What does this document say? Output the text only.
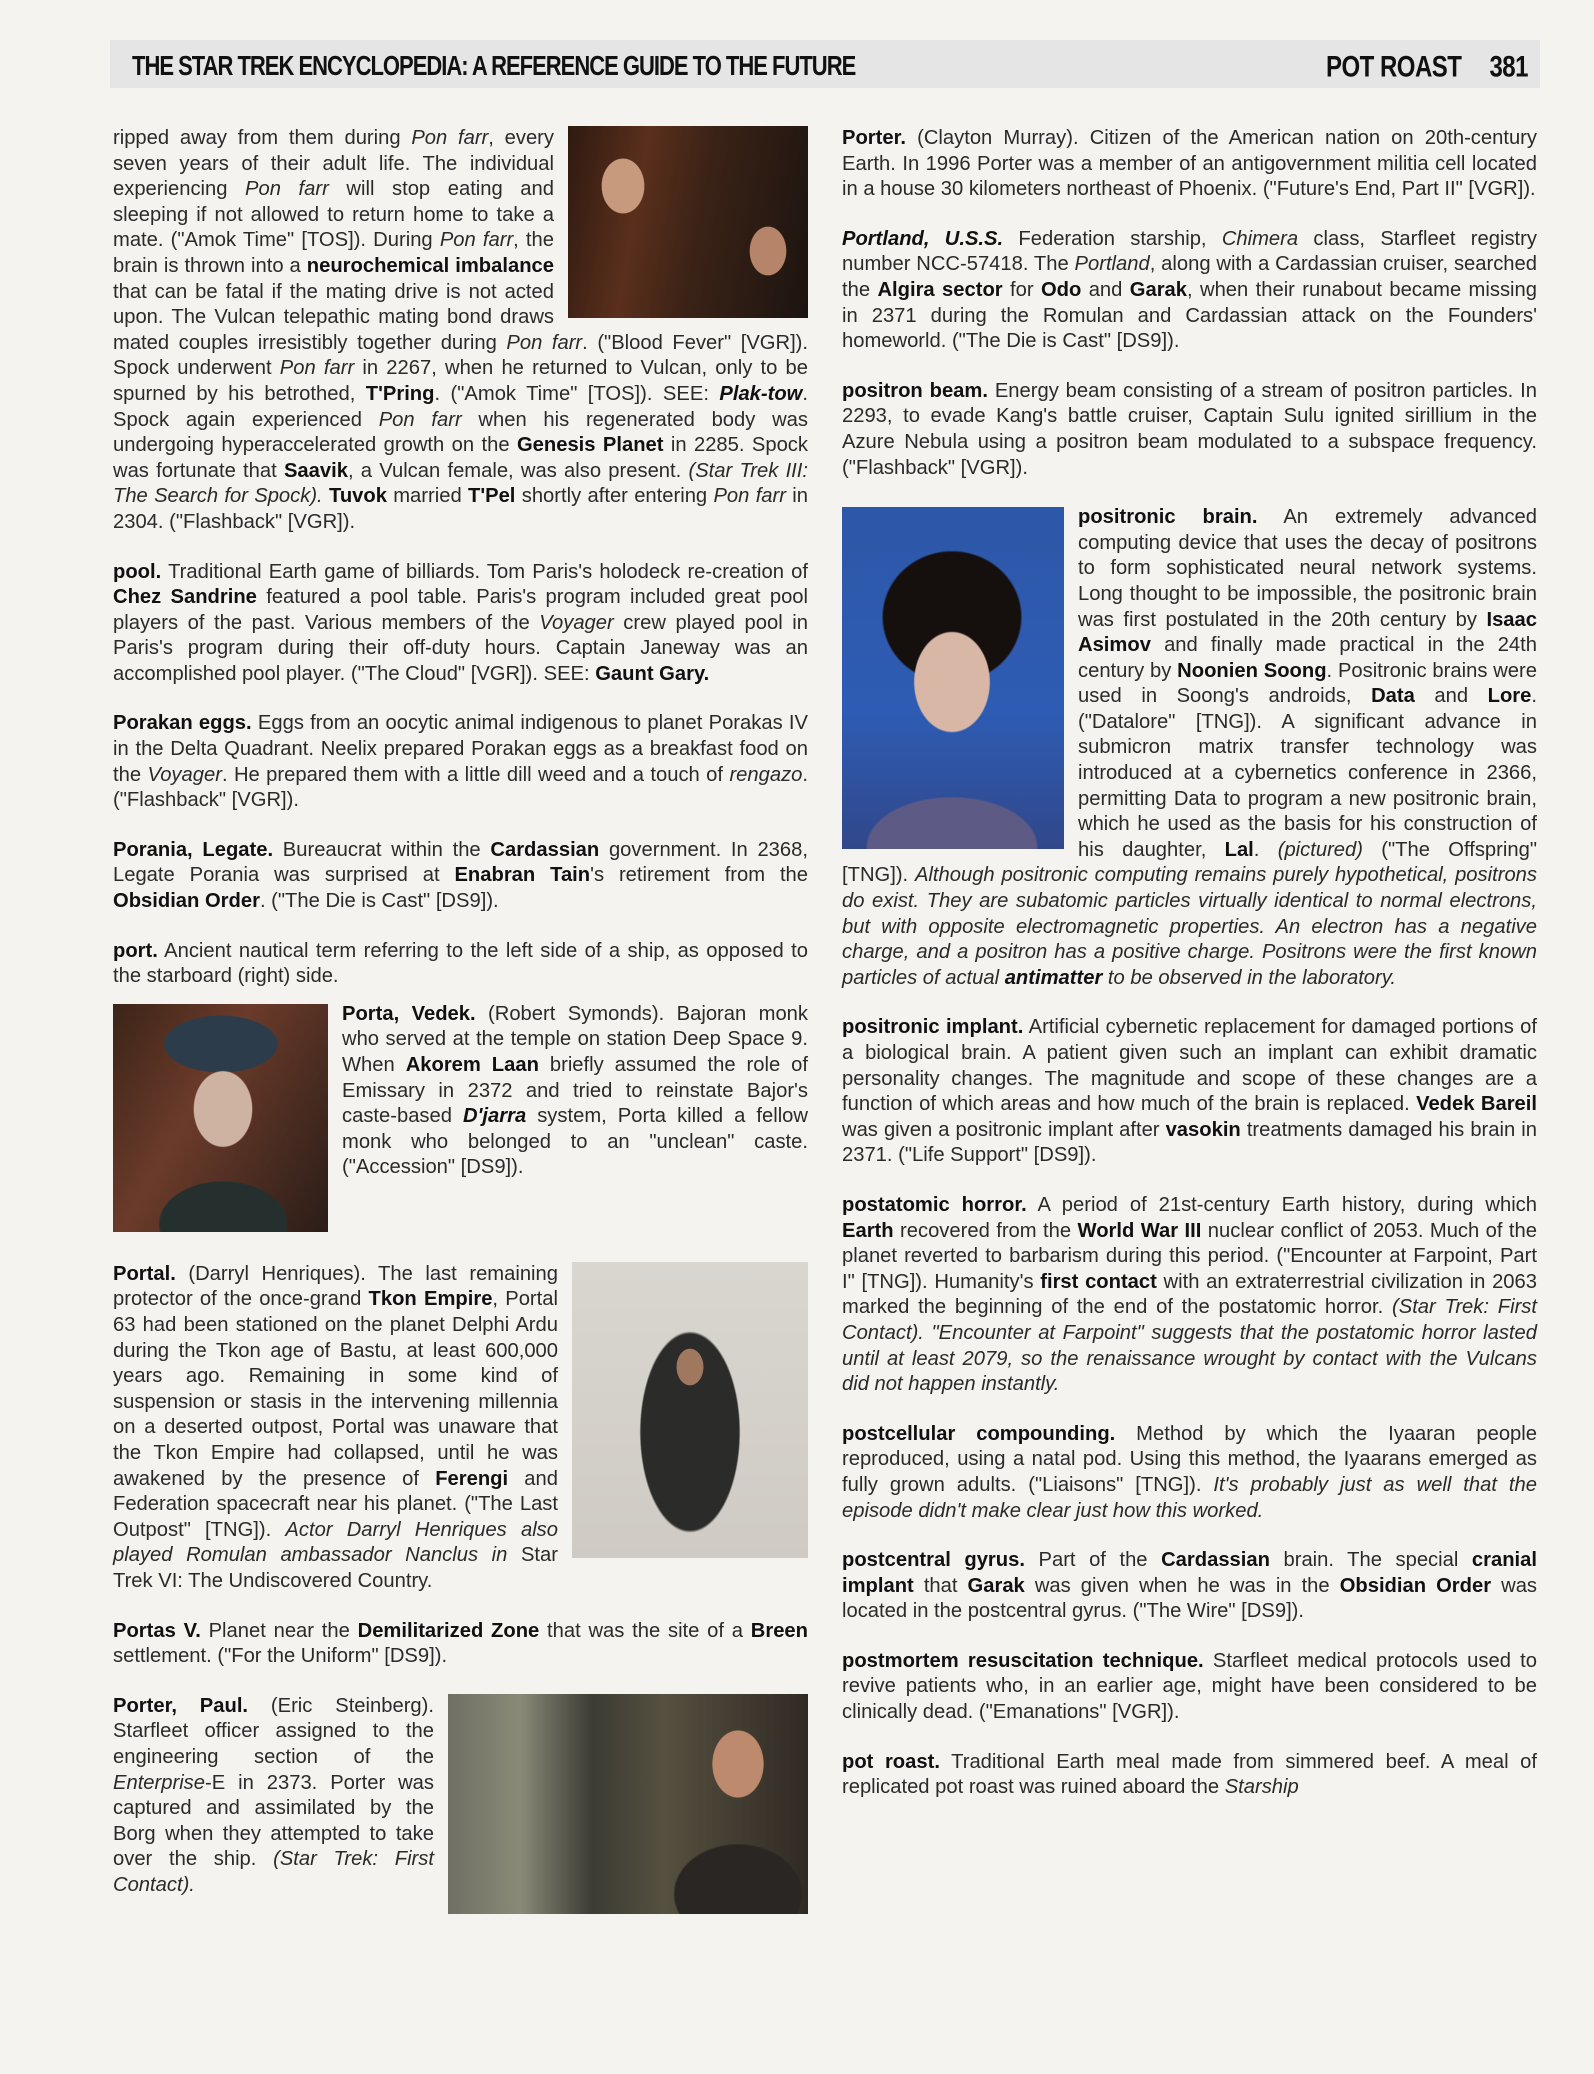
THE STAR TREK ENCYCLOPEDIA: A REFERENCE GUIDE TO THE FUTURE	POT ROAST 381
ripped away from them during Pon farr, every seven years of their adult life. The individual experiencing Pon farr will stop eating and sleeping if not allowed to return home to take a mate. ("Amok Time" [TOS]). During Pon farr, the brain is thrown into a neurochemical imbalance that can be fatal if the mating drive is not acted upon. The Vulcan telepathic mating bond draws mated couples irresistibly together during Pon farr. ("Blood Fever" [VGR]). Spock underwent Pon farr in 2267, when he returned to Vulcan, only to be spurned by his betrothed, T'Pring. ("Amok Time" [TOS]). SEE: Plak-tow. Spock again experienced Pon farr when his regenerated body was undergoing hyperaccelerated growth on the Genesis Planet in 2285. Spock was fortunate that Saavik, a Vulcan female, was also present. (Star Trek III: The Search for Spock). Tuvok married T'Pel shortly after entering Pon farr in 2304. ("Flashback" [VGR]).
pool. Traditional Earth game of billiards. Tom Paris's holodeck re-creation of Chez Sandrine featured a pool table. Paris's program included great pool players of the past. Various members of the Voyager crew played pool in Paris's program during their off-duty hours. Captain Janeway was an accomplished pool player. ("The Cloud" [VGR]). SEE: Gaunt Gary.
Porakan eggs. Eggs from an oocytic animal indigenous to planet Porakas IV in the Delta Quadrant. Neelix prepared Porakan eggs as a breakfast food on the Voyager. He prepared them with a little dill weed and a touch of rengazo. ("Flashback" [VGR]).
Porania, Legate. Bureaucrat within the Cardassian government. In 2368, Legate Porania was surprised at Enabran Tain's retirement from the Obsidian Order. ("The Die is Cast" [DS9]).
port. Ancient nautical term referring to the left side of a ship, as opposed to the starboard (right) side.
Porta, Vedek. (Robert Symonds). Bajoran monk who served at the temple on station Deep Space 9. When Akorem Laan briefly assumed the role of Emissary in 2372 and tried to reinstate Bajor's caste-based D'jarra system, Porta killed a fellow monk who belonged to an "unclean" caste. ("Accession" [DS9]).
Portal. (Darryl Henriques). The last remaining protector of the once-grand Tkon Empire, Portal 63 had been stationed on the planet Delphi Ardu during the Tkon age of Bastu, at least 600,000 years ago. Remaining in some kind of suspension or stasis in the intervening millennia on a deserted outpost, Portal was unaware that the Tkon Empire had collapsed, until he was awakened by the presence of Ferengi and Federation spacecraft near his planet. ("The Last Outpost" [TNG]). Actor Darryl Henriques also played Romulan ambassador Nanclus in Star Trek VI: The Undiscovered Country.
Portas V. Planet near the Demilitarized Zone that was the site of a Breen settlement. ("For the Uniform" [DS9]).
Porter, Paul. (Eric Steinberg). Starfleet officer assigned to the engineering section of the Enterprise-E in 2373. Porter was captured and assimilated by the Borg when they attempted to take over the ship. (Star Trek: First Contact).
Porter. (Clayton Murray). Citizen of the American nation on 20th-century Earth. In 1996 Porter was a member of an antigovernment militia cell located in a house 30 kilometers northeast of Phoenix. ("Future's End, Part II" [VGR]).
Portland, U.S.S. Federation starship, Chimera class, Starfleet registry number NCC-57418. The Portland, along with a Cardassian cruiser, searched the Algira sector for Odo and Garak, when their runabout became missing in 2371 during the Romulan and Cardassian attack on the Founders' homeworld. ("The Die is Cast" [DS9]).
positron beam. Energy beam consisting of a stream of positron particles. In 2293, to evade Kang's battle cruiser, Captain Sulu ignited sirillium in the Azure Nebula using a positron beam modulated to a subspace frequency. ("Flashback" [VGR]).
positronic brain. An extremely advanced computing device that uses the decay of positrons to form sophisticated neural network systems. Long thought to be impossible, the positronic brain was first postulated in the 20th century by Isaac Asimov and finally made practical in the 24th century by Noonien Soong. Positronic brains were used in Soong's androids, Data and Lore. ("Datalore" [TNG]). A significant advance in submicron matrix transfer technology was introduced at a cybernetics conference in 2366, permitting Data to program a new positronic brain, which he used as the basis for his construction of his daughter, Lal. (pictured) ("The Offspring" [TNG]). Although positronic computing remains purely hypothetical, positrons do exist. They are subatomic particles virtually identical to normal electrons, but with opposite electromagnetic properties. An electron has a negative charge, and a positron has a positive charge. Positrons were the first known particles of actual antimatter to be observed in the laboratory.
positronic implant. Artificial cybernetic replacement for damaged portions of a biological brain. A patient given such an implant can exhibit dramatic personality changes. The magnitude and scope of these changes are a function of which areas and how much of the brain is replaced. Vedek Bareil was given a positronic implant after vasokin treatments damaged his brain in 2371. ("Life Support" [DS9]).
postatomic horror. A period of 21st-century Earth history, during which Earth recovered from the World War III nuclear conflict of 2053. Much of the planet reverted to barbarism during this period. ("Encounter at Farpoint, Part I" [TNG]). Humanity's first contact with an extraterrestrial civilization in 2063 marked the beginning of the end of the postatomic horror. (Star Trek: First Contact). "Encounter at Farpoint" suggests that the postatomic horror lasted until at least 2079, so the renaissance wrought by contact with the Vulcans did not happen instantly.
postcellular compounding. Method by which the Iyaaran people reproduced, using a natal pod. Using this method, the Iyaarans emerged as fully grown adults. ("Liaisons" [TNG]). It's probably just as well that the episode didn't make clear just how this worked.
postcentral gyrus. Part of the Cardassian brain. The special cranial implant that Garak was given when he was in the Obsidian Order was located in the postcentral gyrus. ("The Wire" [DS9]).
postmortem resuscitation technique. Starfleet medical protocols used to revive patients who, in an earlier age, might have been considered to be clinically dead. ("Emanations" [VGR]).
pot roast. Traditional Earth meal made from simmered beef. A meal of replicated pot roast was ruined aboard the Starship
